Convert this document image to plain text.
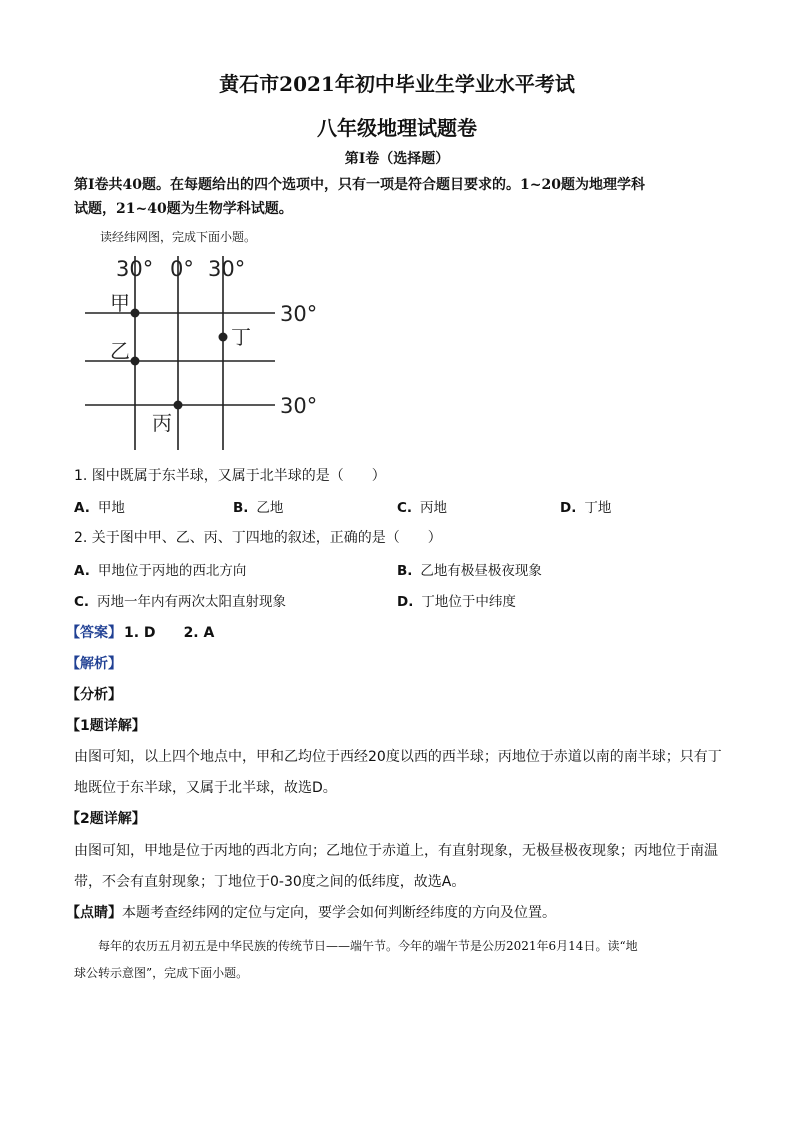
黄石市2021年初中毕业生学业水平考试
八年级地理试题卷
第Ⅰ卷（选择题）
第Ⅰ卷共40题。在每题给出的四个选项中，只有一项是符合题目要求的。1~20题为地理学科
试题，21~40题为生物学科试题。
读经纬网图，完成下面小题。
30° 0° 30°
30°
30°
甲
乙
丁
丙
1. 图中既属于东半球，又属于北半球的是（　　）
A. 甲地	B. 乙地	C. 丙地	D. 丁地
2. 关于图中甲、乙、丙、丁四地的叙述，正确的是（　　）
A. 甲地位于丙地的西北方向	B. 乙地有极昼极夜现象
C. 丙地一年内有两次太阳直射现象	D. 丁地位于中纬度
【答案】 1. D 2. A
【解析】
【分析】
【1题详解】
由图可知，以上四个地点中，甲和乙均位于西经20度以西的西半球；丙地位于赤道以南的南半球；只有丁
地既位于东半球，又属于北半球，故选D。
【2题详解】
由图可知，甲地是位于丙地的西北方向；乙地位于赤道上，有直射现象，无极昼极夜现象；丙地位于南温
带，不会有直射现象；丁地位于0-30度之间的低纬度，故选A。
【点睛】本题考查经纬网的定位与定向，要学会如何判断经纬度的方向及位置。
每年的农历五月初五是中华民族的传统节日——端午节。今年的端午节是公历2021年6月14日。读“地
球公转示意图”，完成下面小题。
